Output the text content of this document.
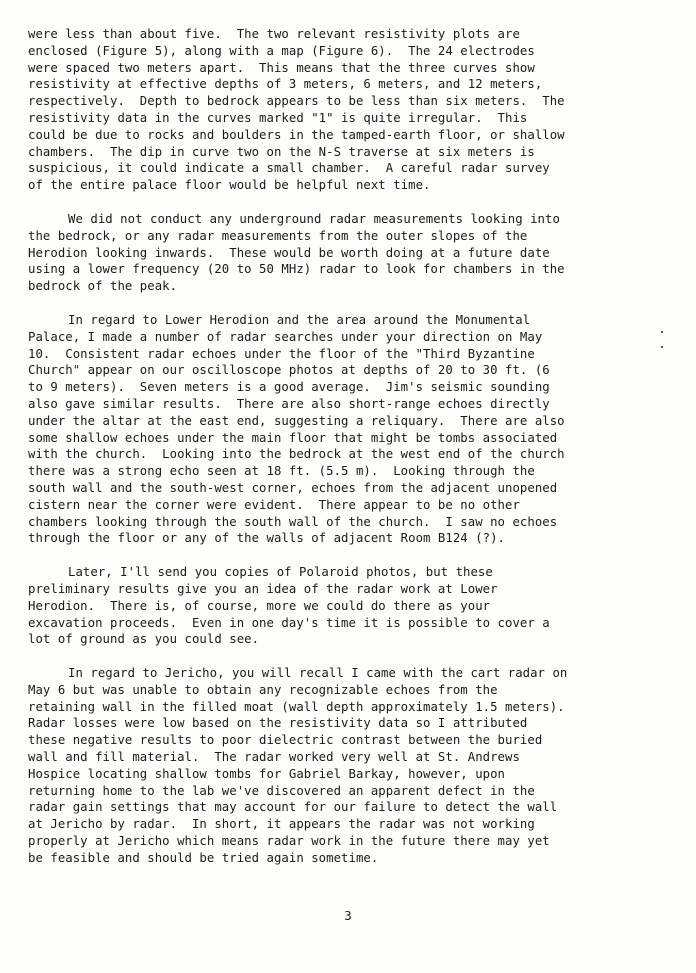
were less than about five.  The two relevant resistivity plots are
enclosed (Figure 5), along with a map (Figure 6).  The 24 electrodes
were spaced two meters apart.  This means that the three curves show
resistivity at effective depths of 3 meters, 6 meters, and 12 meters,
respectively.  Depth to bedrock appears to be less than six meters.  The
resistivity data in the curves marked "1" is quite irregular.  This
could be due to rocks and boulders in the tamped-earth floor, or shallow
chambers.  The dip in curve two on the N-S traverse at six meters is
suspicious, it could indicate a small chamber.  A careful radar survey
of the entire palace floor would be helpful next time.
We did not conduct any underground radar measurements looking into
the bedrock, or any radar measurements from the outer slopes of the
Herodion looking inwards.  These would be worth doing at a future date
using a lower frequency (20 to 50 MHz) radar to look for chambers in the
bedrock of the peak.
In regard to Lower Herodion and the area around the Monumental
Palace, I made a number of radar searches under your direction on May
10.  Consistent radar echoes under the floor of the "Third Byzantine
Church" appear on our oscilloscope photos at depths of 20 to 30 ft. (6
to 9 meters).  Seven meters is a good average.  Jim's seismic sounding
also gave similar results.  There are also short-range echoes directly
under the altar at the east end, suggesting a reliquary.  There are also
some shallow echoes under the main floor that might be tombs associated
with the church.  Looking into the bedrock at the west end of the church
there was a strong echo seen at 18 ft. (5.5 m).  Looking through the
south wall and the south-west corner, echoes from the adjacent unopened
cistern near the corner were evident.  There appear to be no other
chambers looking through the south wall of the church.  I saw no echoes
through the floor or any of the walls of adjacent Room B124 (?).
Later, I'll send you copies of Polaroid photos, but these
preliminary results give you an idea of the radar work at Lower
Herodion.  There is, of course, more we could do there as your
excavation proceeds.  Even in one day's time it is possible to cover a
lot of ground as you could see.
In regard to Jericho, you will recall I came with the cart radar on
May 6 but was unable to obtain any recognizable echoes from the
retaining wall in the filled moat (wall depth approximately 1.5 meters).
Radar losses were low based on the resistivity data so I attributed
these negative results to poor dielectric contrast between the buried
wall and fill material.  The radar worked very well at St. Andrews
Hospice locating shallow tombs for Gabriel Barkay, however, upon
returning home to the lab we've discovered an apparent defect in the
radar gain settings that may account for our failure to detect the wall
at Jericho by radar.  In short, it appears the radar was not working
properly at Jericho which means radar work in the future there may yet
be feasible and should be tried again sometime.
3
